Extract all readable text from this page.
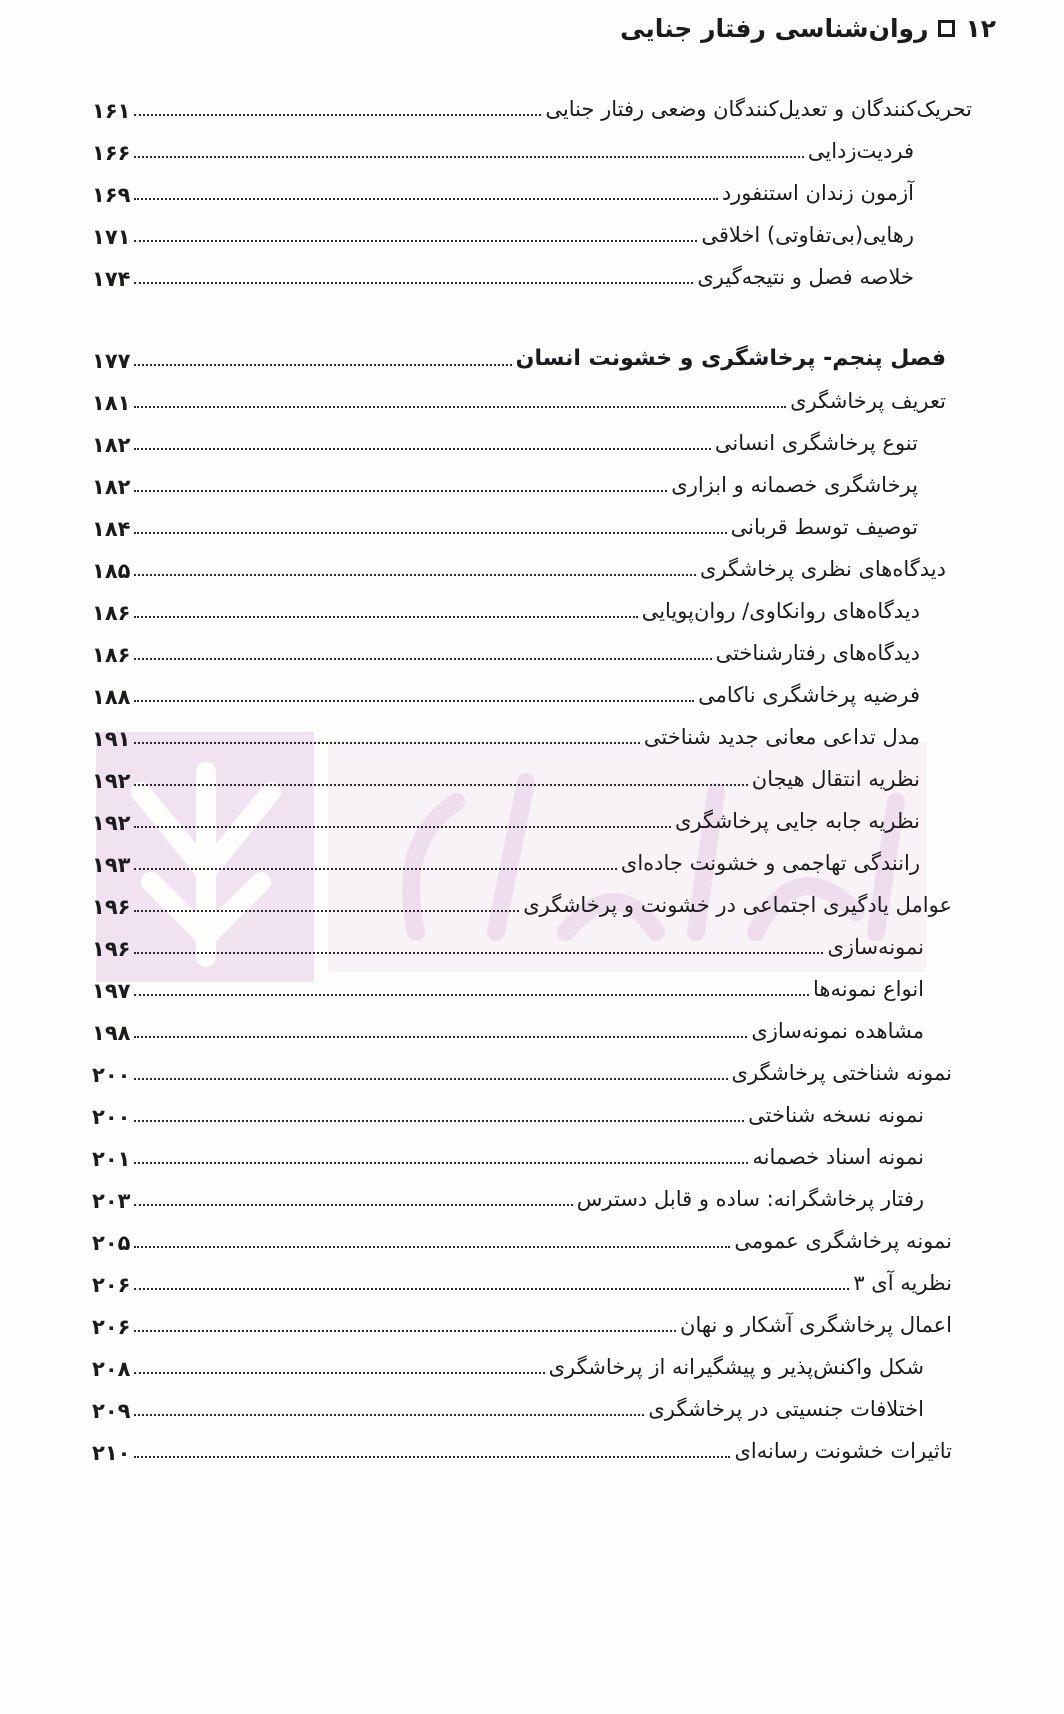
۱۲
روان‌شناسی رفتار جنایی
تحریک‌کنندگان و تعدیل‌کنندگان وضعی رفتار جنایی
۱۶۱
فردیت‌زدایی
۱۶۶
آزمون زندان استنفورد
۱۶۹
رهایی(بی‌تفاوتی) اخلاقی
۱۷۱
خلاصه فصل و نتیجه‌گیری
۱۷۴
فصل پنجم- پرخاشگری و خشونت انسان
۱۷۷
تعریف پرخاشگری
۱۸۱
تنوع پرخاشگری انسانی
۱۸۲
پرخاشگری خصمانه و ابزاری
۱۸۲
توصیف توسط قربانی
۱۸۴
دیدگاه‌های نظری پرخاشگری
۱۸۵
دیدگاه‌های روانکاوی/ روان‌پویایی
۱۸۶
دیدگاه‌های رفتارشناختی
۱۸۶
فرضیه پرخاشگری ناکامی
۱۸۸
مدل تداعی معانی جدید شناختی
۱۹۱
نظریه انتقال هیجان
۱۹۲
نظریه جابه جایی پرخاشگری
۱۹۲
رانندگی تهاجمی و خشونت جاده‌ای
۱۹۳
عوامل یادگیری اجتماعی در خشونت و پرخاشگری
۱۹۶
نمونه‌سازی
۱۹۶
انواع نمونه‌ها
۱۹۷
مشاهده نمونه‌سازی
۱۹۸
نمونه شناختی پرخاشگری
۲۰۰
نمونه نسخه شناختی
۲۰۰
نمونه اسناد خصمانه
۲۰۱
رفتار پرخاشگرانه: ساده و قابل دسترس
۲۰۳
نمونه پرخاشگری عمومی
۲۰۵
نظریه آی ۳
۲۰۶
اعمال پرخاشگری آشکار و نهان
۲۰۶
شکل واکنش‌پذیر و پیشگیرانه از پرخاشگری
۲۰۸
اختلافات جنسیتی در پرخاشگری
۲۰۹
تاثیرات خشونت رسانه‌ای
۲۱۰
